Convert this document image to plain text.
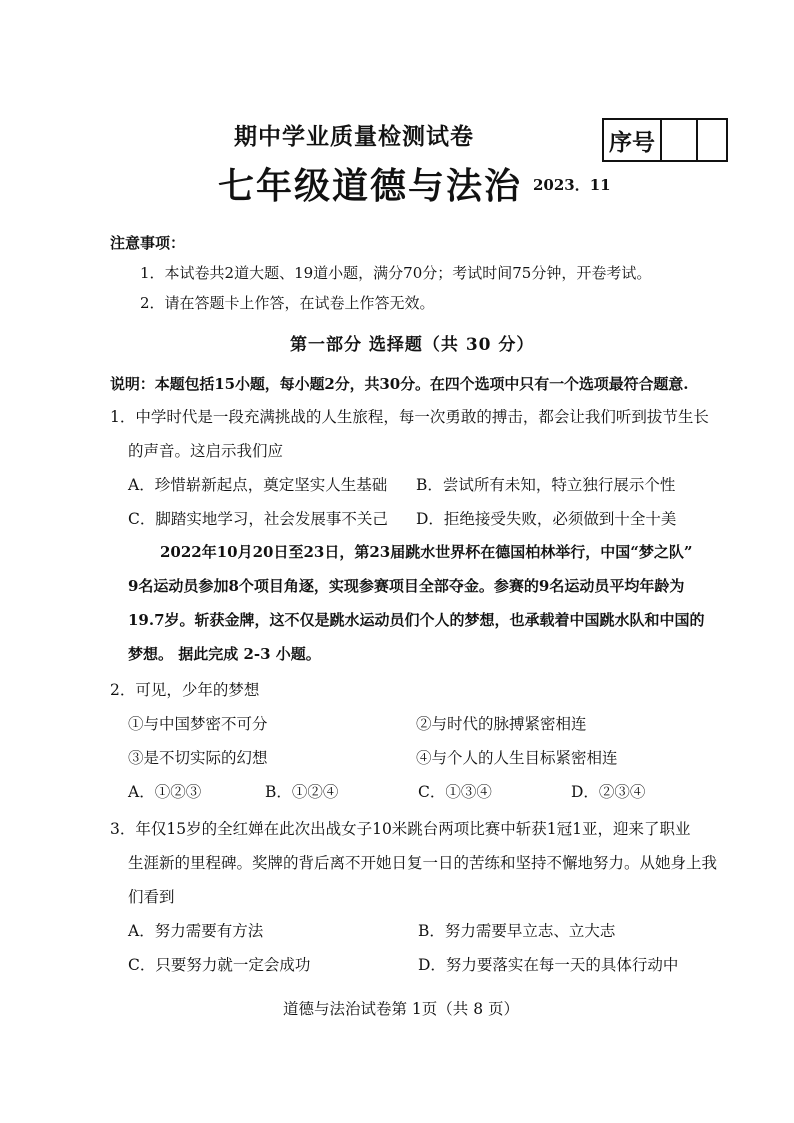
期中学业质量检测试卷
七年级道德与法治 2023．11
序号
注意事项：
1．本试卷共2道大题、19道小题，满分70分；考试时间75分钟，开卷考试。
2．请在答题卡上作答，在试卷上作答无效。
第一部分 选择题（共 30 分）
说明：本题包括15小题，每小题2分，共30分。在四个选项中只有一个选项最符合题意.
1．中学时代是一段充满挑战的人生旅程，每一次勇敢的搏击，都会让我们听到拔节生长
的声音。这启示我们应
A．珍惜崭新起点，奠定坚实人生基础 B．尝试所有未知，特立独行展示个性
C．脚踏实地学习，社会发展事不关己 D．拒绝接受失败，必须做到十全十美
2022年10月20日至23日，第23届跳水世界杯在德国柏林举行，中国“梦之队”
9名运动员参加8个项目角逐，实现参赛项目全部夺金。参赛的9名运动员平均年龄为
19.7岁。斩获金牌，这不仅是跳水运动员们个人的梦想，也承载着中国跳水队和中国的
梦想。 据此完成 2-3 小题。
2．可见，少年的梦想
①与中国梦密不可分	②与时代的脉搏紧密相连
③是不切实际的幻想	④与个人的人生目标紧密相连
A．①②③	B．①②④	C．①③④	D．②③④
3．年仅15岁的全红婵在此次出战女子10米跳台两项比赛中斩获1冠1亚，迎来了职业
生涯新的里程碑。奖牌的背后离不开她日复一日的苦练和坚持不懈地努力。从她身上我
们看到
A．努力需要有方法	B．努力需要早立志、立大志
C．只要努力就一定会成功	D．努力要落实在每一天的具体行动中
道德与法治试卷第 1页（共 8 页）
